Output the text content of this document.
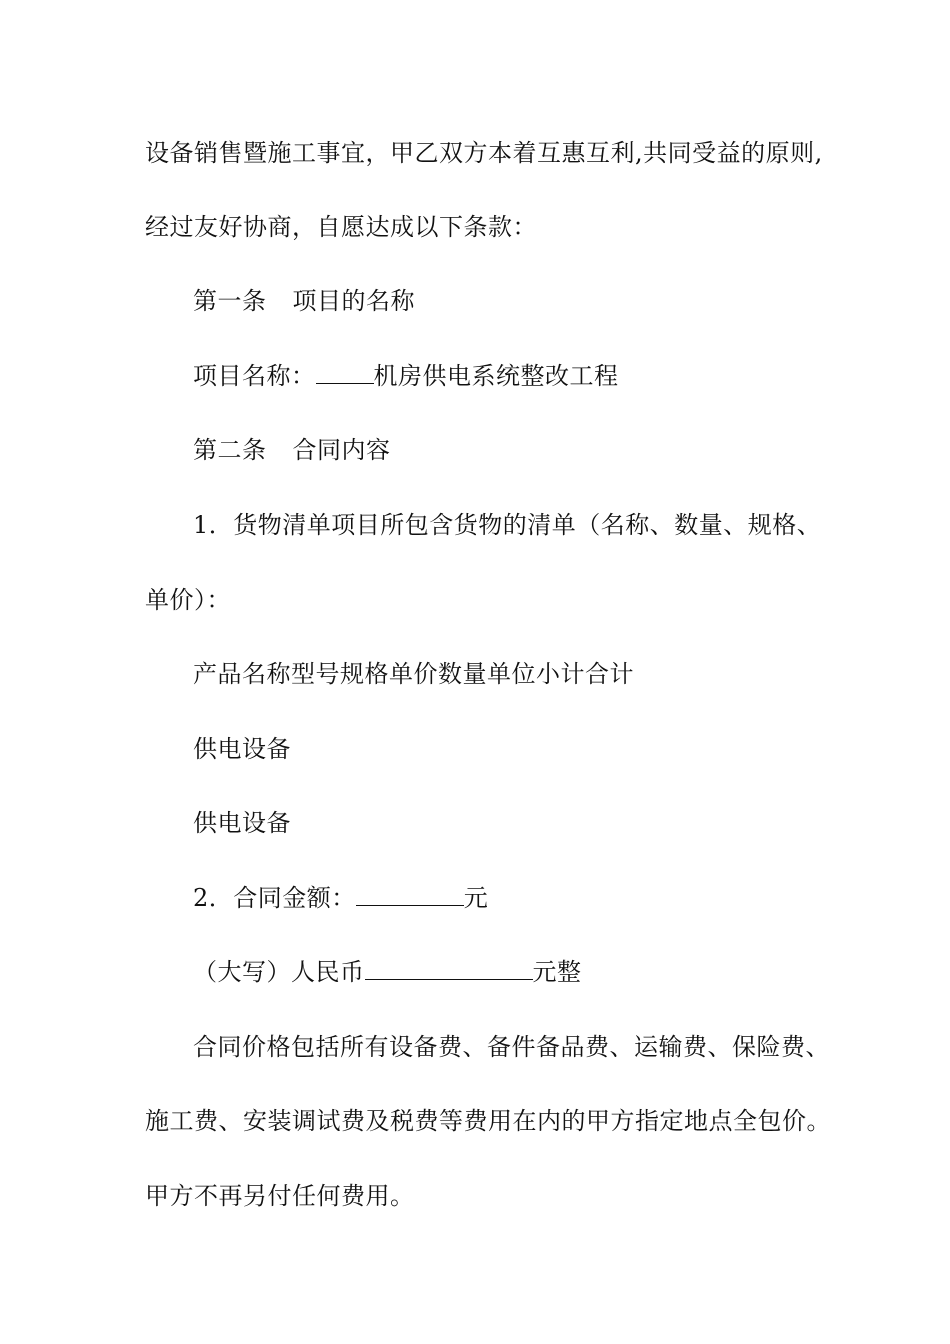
设备销售暨施工事宜，甲乙双方本着互惠互利,共同受益的原则,
经过友好协商，自愿达成以下条款：
第一条 项目的名称
项目名称： 机房供电系统整改工程
第二条 合同内容
1．货物清单项目所包含货物的清单（名称、数量、规格、
单价）：
产品名称型号规格单价数量单位小计合计
供电设备
供电设备
2．合同金额：	元
（大写）人民币	元整
合同价格包括所有设备费、备件备品费、运输费、保险费、
施工费、安装调试费及税费等费用在内的甲方指定地点全包价。
甲方不再另付任何费用。
